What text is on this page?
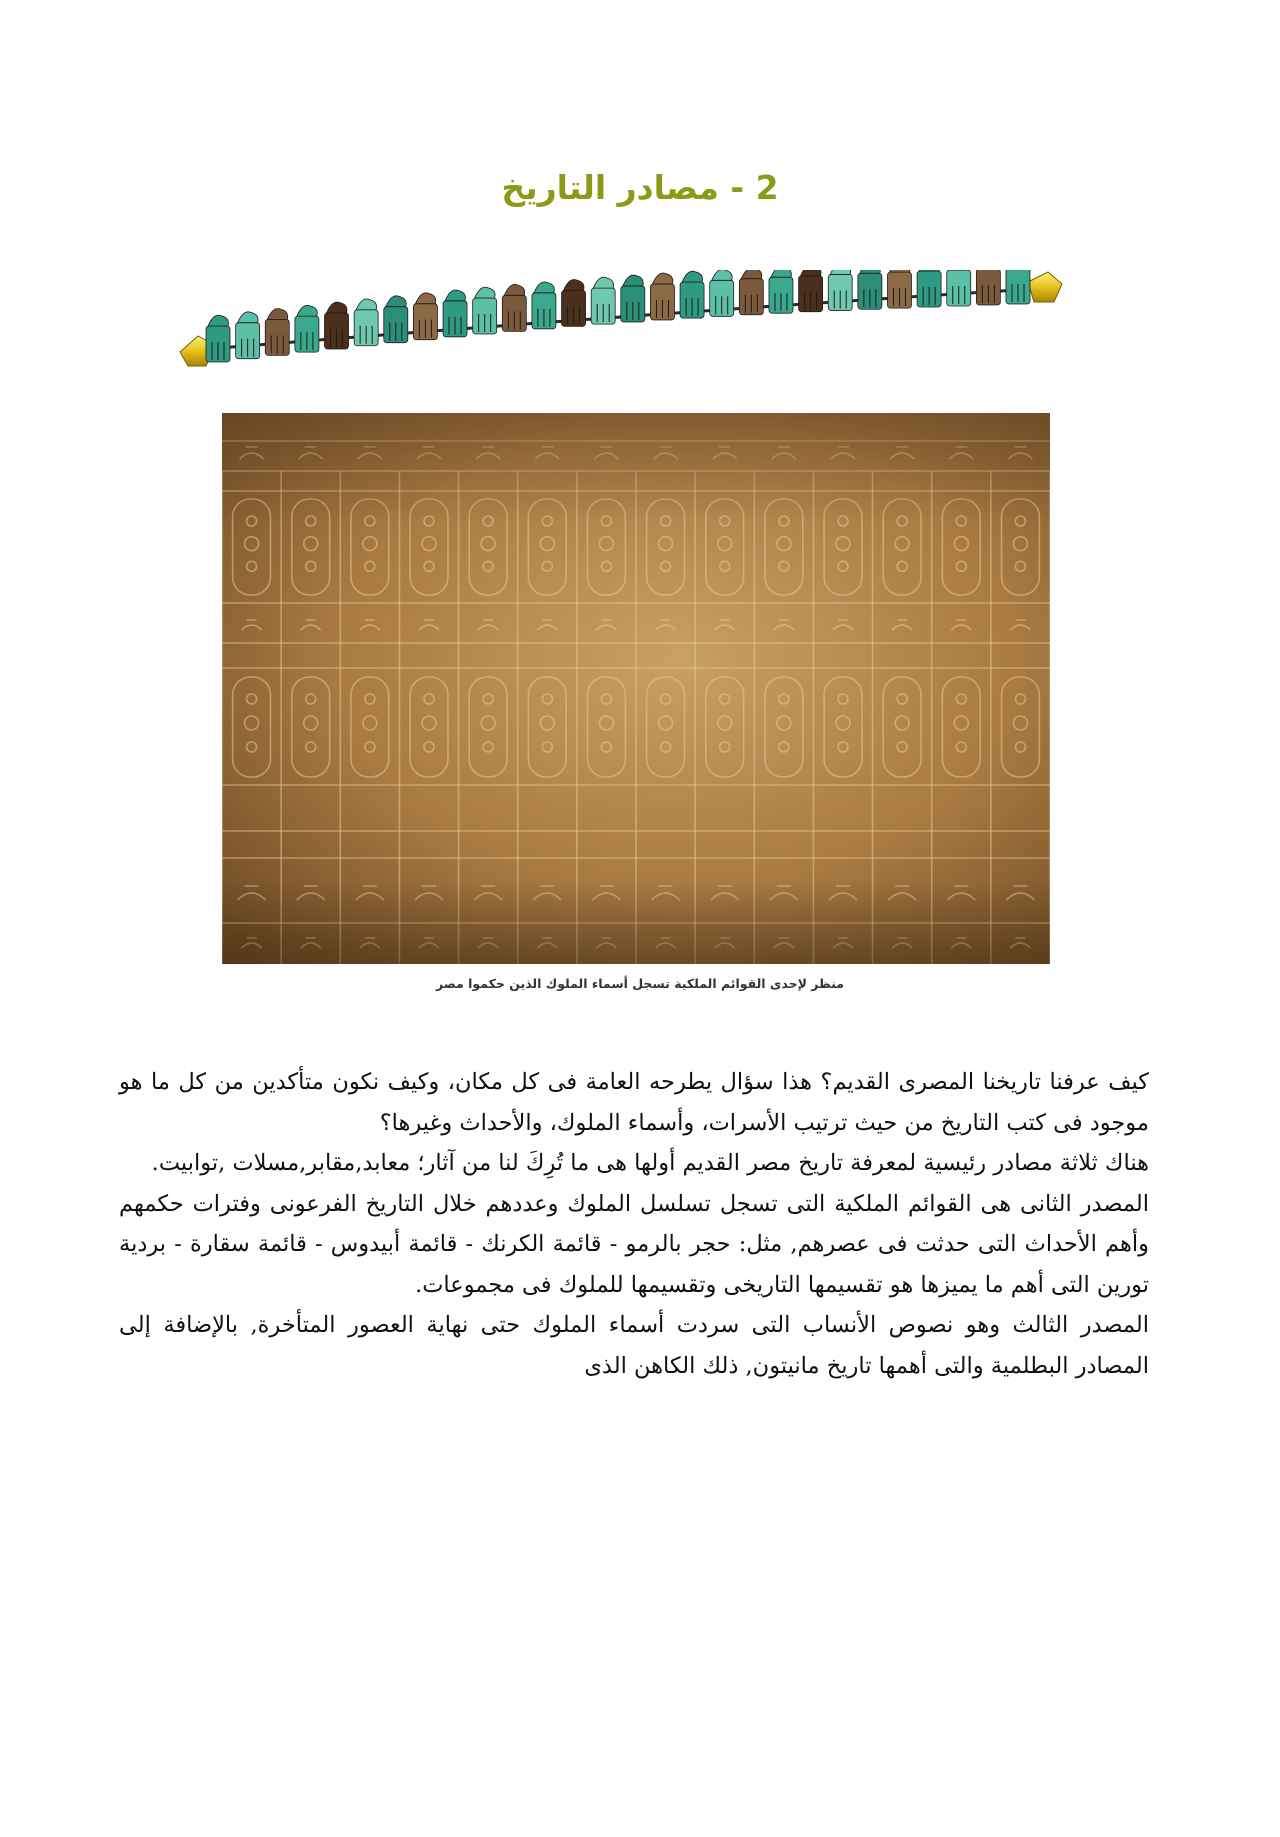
2 - مصادر التاريخ
منظر لإحدى القوائم الملكية تسجل أسماء الملوك الذين حكموا مصر

كيف عرفنا تاريخنا المصرى القديم؟ هذا سؤال يطرحه العامة فى كل مكان، وكيف نكون متأكدين من كل ما هو موجود فى كتب التاريخ من حيث ترتيب الأسرات، وأسماء الملوك، والأحداث وغيرها؟

هناك ثلاثة مصادر رئيسية لمعرفة تاريخ مصر القديم أولها هى ما تُرِكَ لنا من آثار؛ معابد,مقابر,مسلات ,توابيت.

المصدر الثانى هى القوائم الملكية التى تسجل تسلسل الملوك وعددهم خلال التاريخ الفرعونى وفترات حكمهم وأهم الأحداث التى حدثت فى عصرهم, مثل: حجر بالرمو - قائمة الكرنك - قائمة أبيدوس - قائمة سقارة - بردية تورين التى أهم ما يميزها هو تقسيمها التاريخى وتقسيمها للملوك فى مجموعات.

المصدر الثالث وهو نصوص الأنساب التى سردت أسماء الملوك حتى نهاية العصور المتأخرة, بالإضافة إلى المصادر البطلمية والتى أهمها تاريخ مانيتون, ذلك الكاهن الذى
